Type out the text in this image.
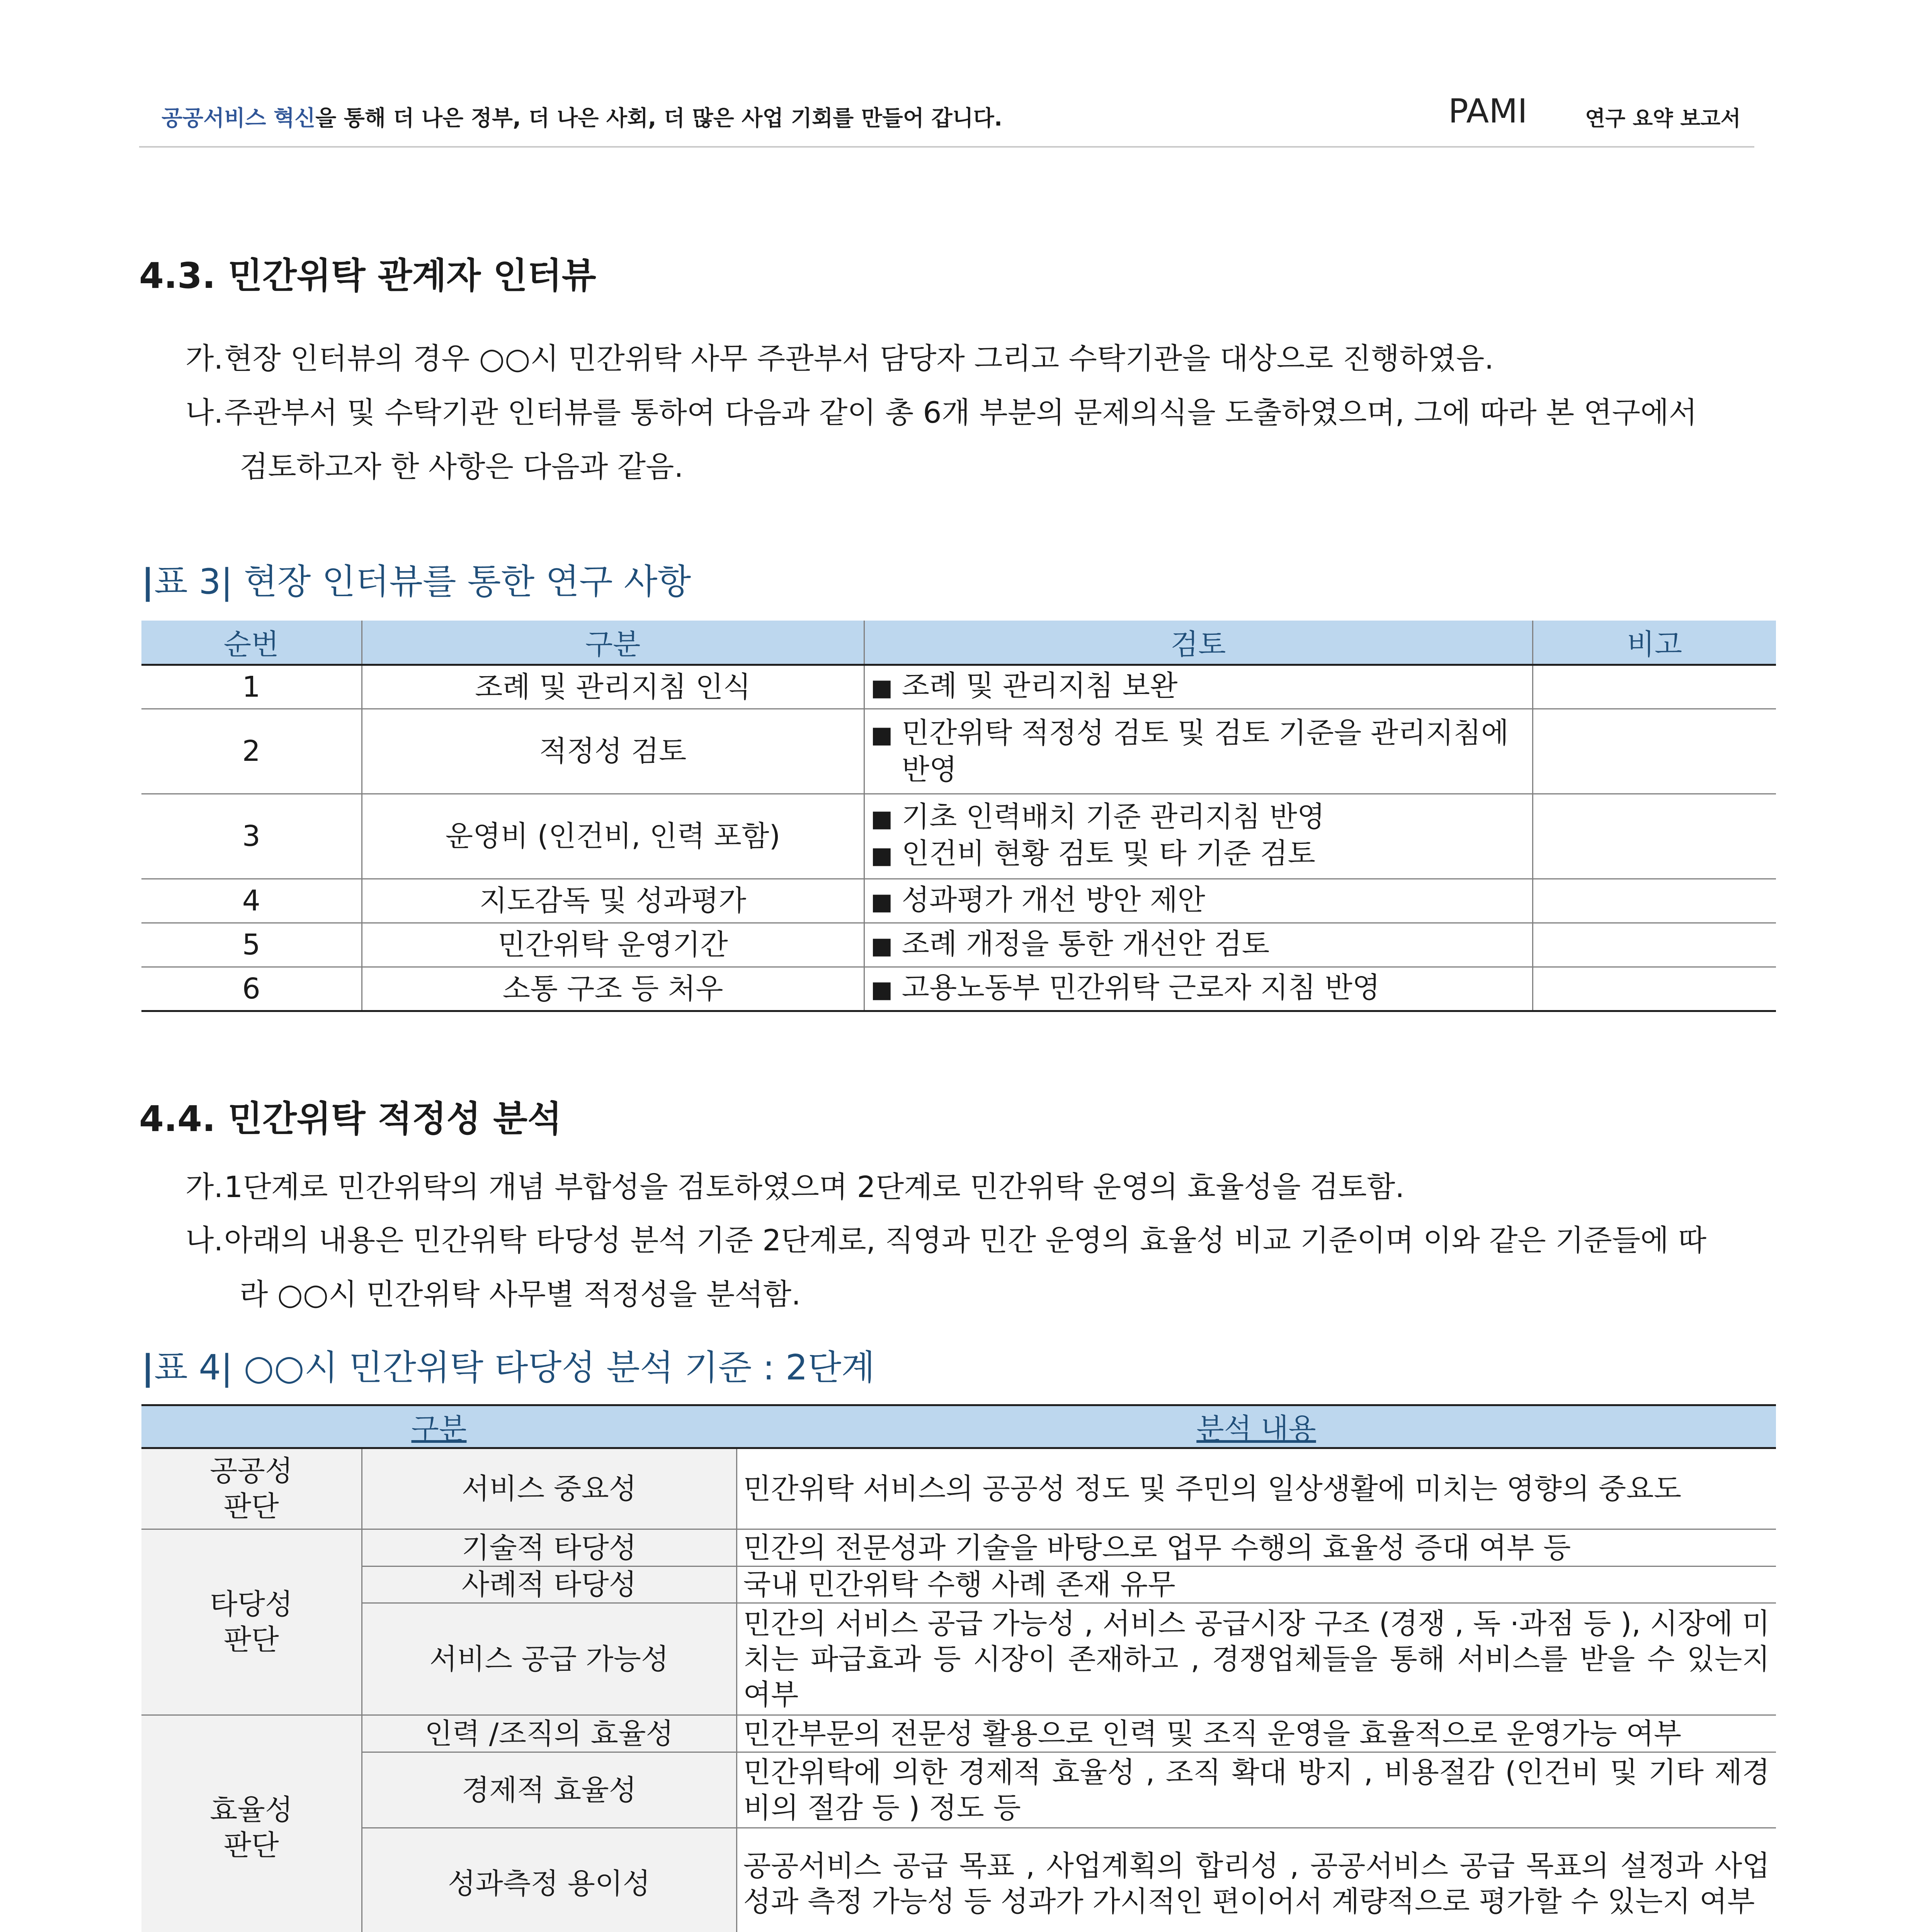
공공서비스 혁신을 통해 더 나은 정부, 더 나은 사회, 더 많은 사업 기회를 만들어 갑니다.	PAMI	연구 요약 보고서
4.3. 민간위탁 관계자 인터뷰
가.현장 인터뷰의 경우 ○○시 민간위탁 사무 주관부서 담당자 그리고 수탁기관을 대상으로 진행하였음.
나.주관부서 및 수탁기관 인터뷰를 통하여 다음과 같이 총 6개 부분의 문제의식을 도출하였으며, 그에 따라 본 연구에서
검토하고자 한 사항은 다음과 같음.
|표 3| 현장 인터뷰를 통한 연구 사항
순번	구분	검토	비고
1	조례 및 관리지침 인식	■ 조례 및 관리지침 보완	

2	적정성 검토	■ 민간위탁 적정성 검토 및 검토 기준을 관리지침에 반영	

3	운영비 (인건비, 인력 포함)	■ 기초 인력배치 기준 관리지침 반영
■ 인건비 현황 검토 및 타 기준 검토	

4	지도감독 및 성과평가	■ 성과평가 개선 방안 제안	

5	민간위탁 운영기간	■ 조례 개정을 통한 개선안 검토	

6	소통 구조 등 처우	■ 고용노동부 민간위탁 근로자 지침 반영	

4.4. 민간위탁 적정성 분석
가.1단계로 민간위탁의 개념 부합성을 검토하였으며 2단계로 민간위탁 운영의 효율성을 검토함.
나.아래의 내용은 민간위탁 타당성 분석 기준 2단계로, 직영과 민간 운영의 효율성 비교 기준이며 이와 같은 기준들에 따
라 ○○시 민간위탁 사무별 적정성을 분석함.
|표 4| ○○시 민간위탁 타당성 분석 기준 : 2단계
구분		분석 내용
공공성
판단	서비스 중요성	민간위탁 서비스의 공공성 정도 및 주민의 일상생활에 미치는 영향의 중요도
타당성
판단	기술적 타당성	민간의 전문성과 기술을 바탕으로 업무 수행의 효율성 증대 여부 등
	사례적 타당성	국내 민간위탁 수행 사례 존재 유무
	서비스 공급 가능성	민간의 서비스 공급 가능성 , 서비스 공급시장 구조 (경쟁 , 독 ·과점 등 ), 시장에 미치는 파급효과 등 시장이 존재하고 , 경쟁업체들을 통해 서비스를 받을 수 있는지 여부
효율성
판단	인력 /조직의 효율성	민간부문의 전문성 활용으로 인력 및 조직 운영을 효율적으로 운영가능 여부
	경제적 효율성	민간위탁에 의한 경제적 효율성 , 조직 확대 방지 , 비용절감 (인건비 및 기타 제경비의 절감 등 ) 정도 등
	성과측정 용이성	공공서비스 공급 목표 , 사업계획의 합리성 , 공공서비스 공급 목표의 설정과 사업성과 측정 가능성 등 성과가 가시적인 편이어서 계량적으로 평가할 수 있는지 여부
